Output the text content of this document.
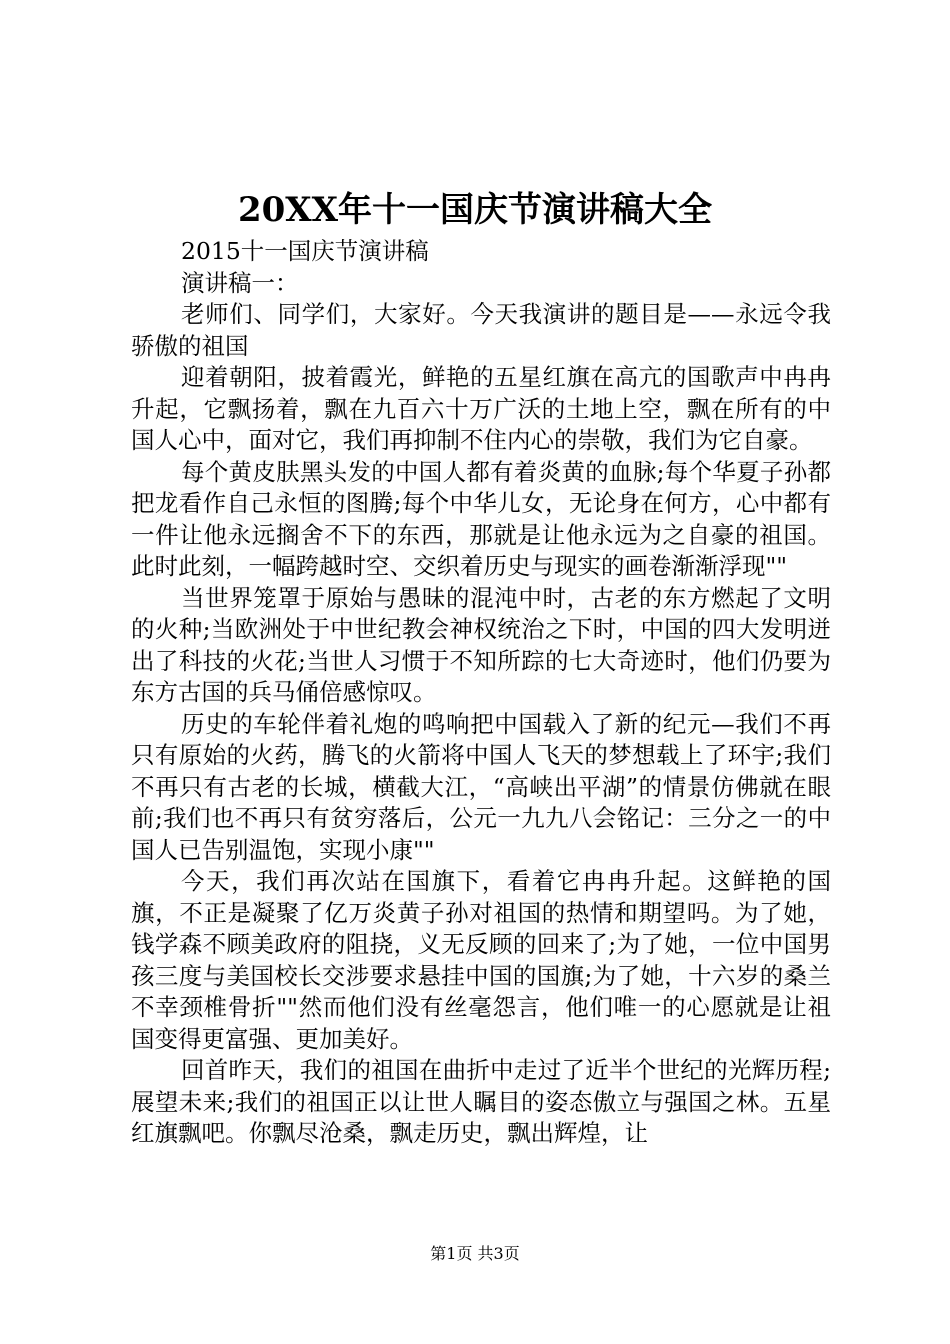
20XX年十一国庆节演讲稿大全

2015十一国庆节演讲稿

演讲稿一：

老师们、同学们，大家好。今天我演讲的题目是——永远令我骄傲的祖国

迎着朝阳，披着霞光，鲜艳的五星红旗在高亢的国歌声中冉冉升起，它飘扬着，飘在九百六十万广沃的土地上空，飘在所有的中国人心中，面对它，我们再抑制不住内心的崇敬，我们为它自豪。

每个黄皮肤黑头发的中国人都有着炎黄的血脉;每个华夏子孙都把龙看作自己永恒的图腾;每个中华儿女，无论身在何方，心中都有一件让他永远搁舍不下的东西，那就是让他永远为之自豪的祖国。此时此刻，一幅跨越时空、交织着历史与现实的画卷渐渐浮现""

当世界笼罩于原始与愚昧的混沌中时，古老的东方燃起了文明的火种;当欧洲处于中世纪教会神权统治之下时，中国的四大发明迸出了科技的火花;当世人习惯于不知所踪的七大奇迹时，他们仍要为东方古国的兵马俑倍感惊叹。

历史的车轮伴着礼炮的鸣响把中国载入了新的纪元—我们不再只有原始的火药，腾飞的火箭将中国人飞天的梦想载上了环宇;我们不再只有古老的长城，横截大江，“高峡出平湖”的情景仿佛就在眼前;我们也不再只有贫穷落后，公元一九九八会铭记：三分之一的中国人已告别温饱，实现小康""

今天，我们再次站在国旗下，看着它冉冉升起。这鲜艳的国旗，不正是凝聚了亿万炎黄子孙对祖国的热情和期望吗。为了她，钱学森不顾美政府的阻挠，义无反顾的回来了;为了她，一位中国男孩三度与美国校长交涉要求悬挂中国的国旗;为了她，十六岁的桑兰不幸颈椎骨折""然而他们没有丝毫怨言，他们唯一的心愿就是让祖国变得更富强、更加美好。

回首昨天，我们的祖国在曲折中走过了近半个世纪的光辉历程;展望未来;我们的祖国正以让世人瞩目的姿态傲立与强国之林。五星红旗飘吧。你飘尽沧桑，飘走历史，飘出辉煌，让

第1页 共3页
